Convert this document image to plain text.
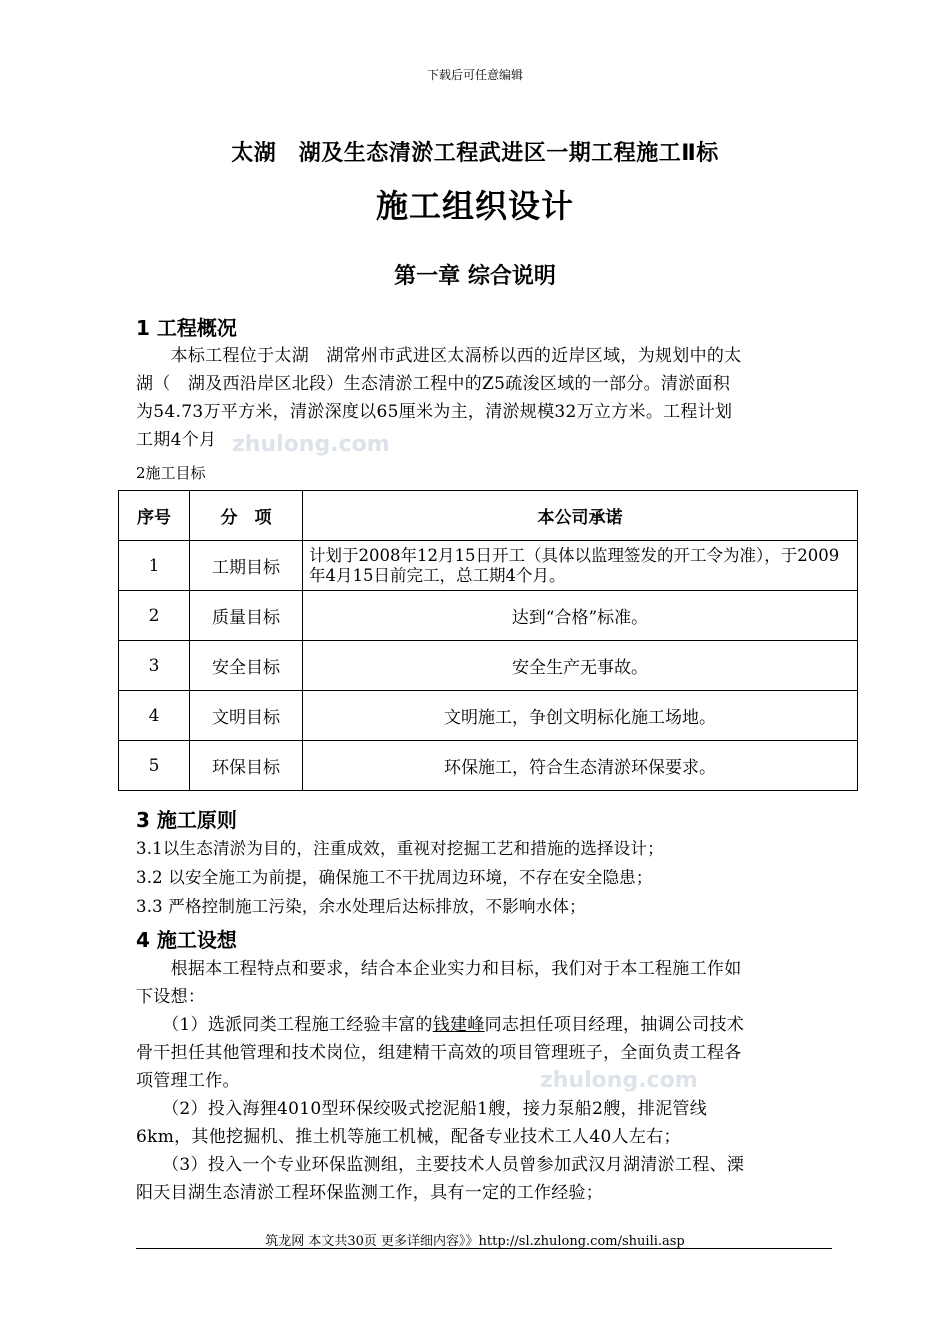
下载后可任意编辑
太湖　湖及生态清淤工程武进区一期工程施工Ⅱ标
施工组织设计
第一章 综合说明
1 工程概况
　　本标工程位于太湖　湖常州市武进区太滆桥以西的近岸区域，为规划中的太
湖（　湖及西沿岸区北段）生态清淤工程中的Z5疏浚区域的一部分。清淤面积
为54.73万平方米，清淤深度以65厘米为主，清淤规模32万立方米。工程计划
工期4个月 zhulong.com
2施工目标
序号	分　项	本公司承诺
1	工期目标	计划于2008年12月15日开工（具体以监理签发的开工令为准），于2009年4月15日前完工，总工期4个月。
2	质量目标	达到“合格”标准。
3	安全目标	安全生产无事故。
4	文明目标	文明施工，争创文明标化施工场地。
5	环保目标	环保施工，符合生态清淤环保要求。
3 施工原则
3.1以生态清淤为目的，注重成效，重视对挖掘工艺和措施的选择设计；
3.2 以安全施工为前提，确保施工不干扰周边环境，不存在安全隐患；
3.3 严格控制施工污染，余水处理后达标排放，不影响水体；
4 施工设想
　　根据本工程特点和要求，结合本企业实力和目标，我们对于本工程施工作如
下设想：
　　（1）选派同类工程施工经验丰富的钱建峰同志担任项目经理，抽调公司技术
骨干担任其他管理和技术岗位，组建精干高效的项目管理班子，全面负责工程各
项管理工作。
　　（2）投入海狸4010型环保绞吸式挖泥船1艘，接力泵船2艘，排泥管线
6km，其他挖掘机、推土机等施工机械，配备专业技术工人40人左右；
　　（3）投入一个专业环保监测组，主要技术人员曾参加武汉月湖清淤工程、溧
阳天目湖生态清淤工程环保监测工作，具有一定的工作经验；
zhulong.com
筑龙网 本文共30页 更多详细内容》》http://sl.zhulong.com/shuili.asp
